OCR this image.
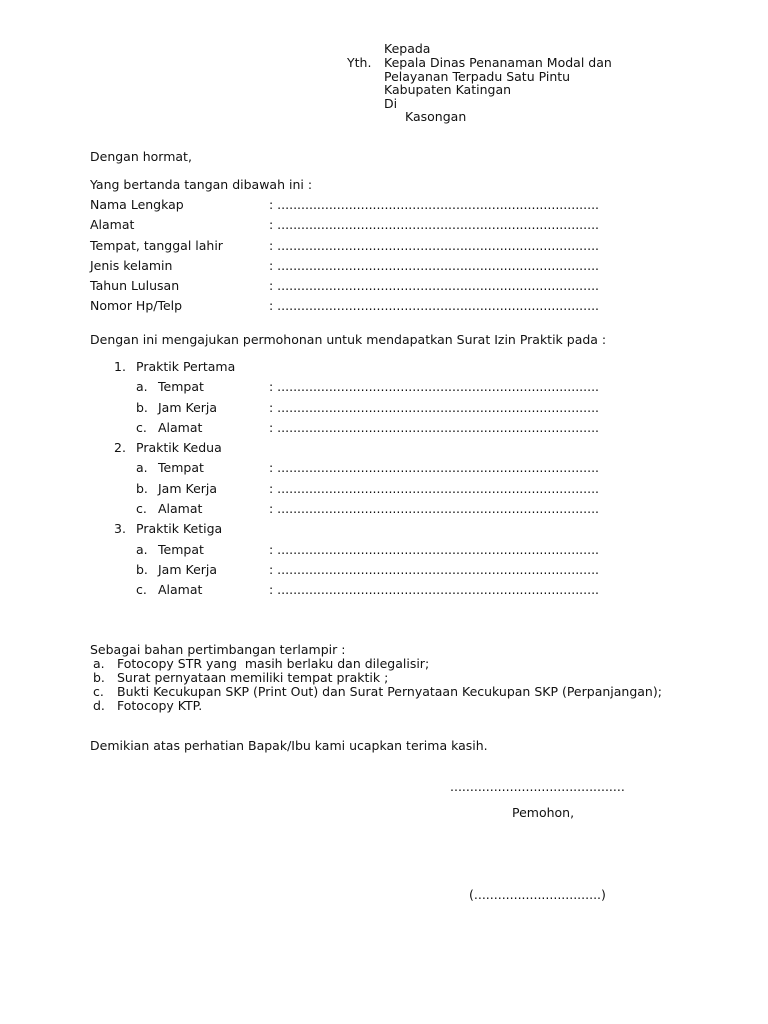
Kepada
Yth. Kepala Dinas Penanaman Modal dan
Pelayanan Terpadu Satu Pintu
Kabupaten Katingan
Di
Kasongan
Dengan hormat,
Yang bertanda tangan dibawah ini :
Nama Lengkap	: .................................................................................
Alamat	: .................................................................................
Tempat, tanggal lahir	: .................................................................................
Jenis kelamin	: .................................................................................
Tahun Lulusan	: .................................................................................
Nomor Hp/Telp	: .................................................................................
Dengan ini mengajukan permohonan untuk mendapatkan Surat Izin Praktik pada :
1. Praktik Pertama
a. Tempat	: .................................................................................
b. Jam Kerja	: .................................................................................
c. Alamat	: .................................................................................
2. Praktik Kedua
a. Tempat	: .................................................................................
b. Jam Kerja	: .................................................................................
c. Alamat	: .................................................................................
3. Praktik Ketiga
a. Tempat	: .................................................................................
b. Jam Kerja	: .................................................................................
c. Alamat	: .................................................................................
Sebagai bahan pertimbangan terlampir :
a. Fotocopy STR yang  masih berlaku dan dilegalisir;
b. Surat pernyataan memiliki tempat praktik ;
c. Bukti Kecukupan SKP (Print Out) dan Surat Pernyataan Kecukupan SKP (Perpanjangan);
d. Fotocopy KTP.
Demikian atas perhatian Bapak/Ibu kami ucapkan terima kasih.
............................................
Pemohon,
(................................)
